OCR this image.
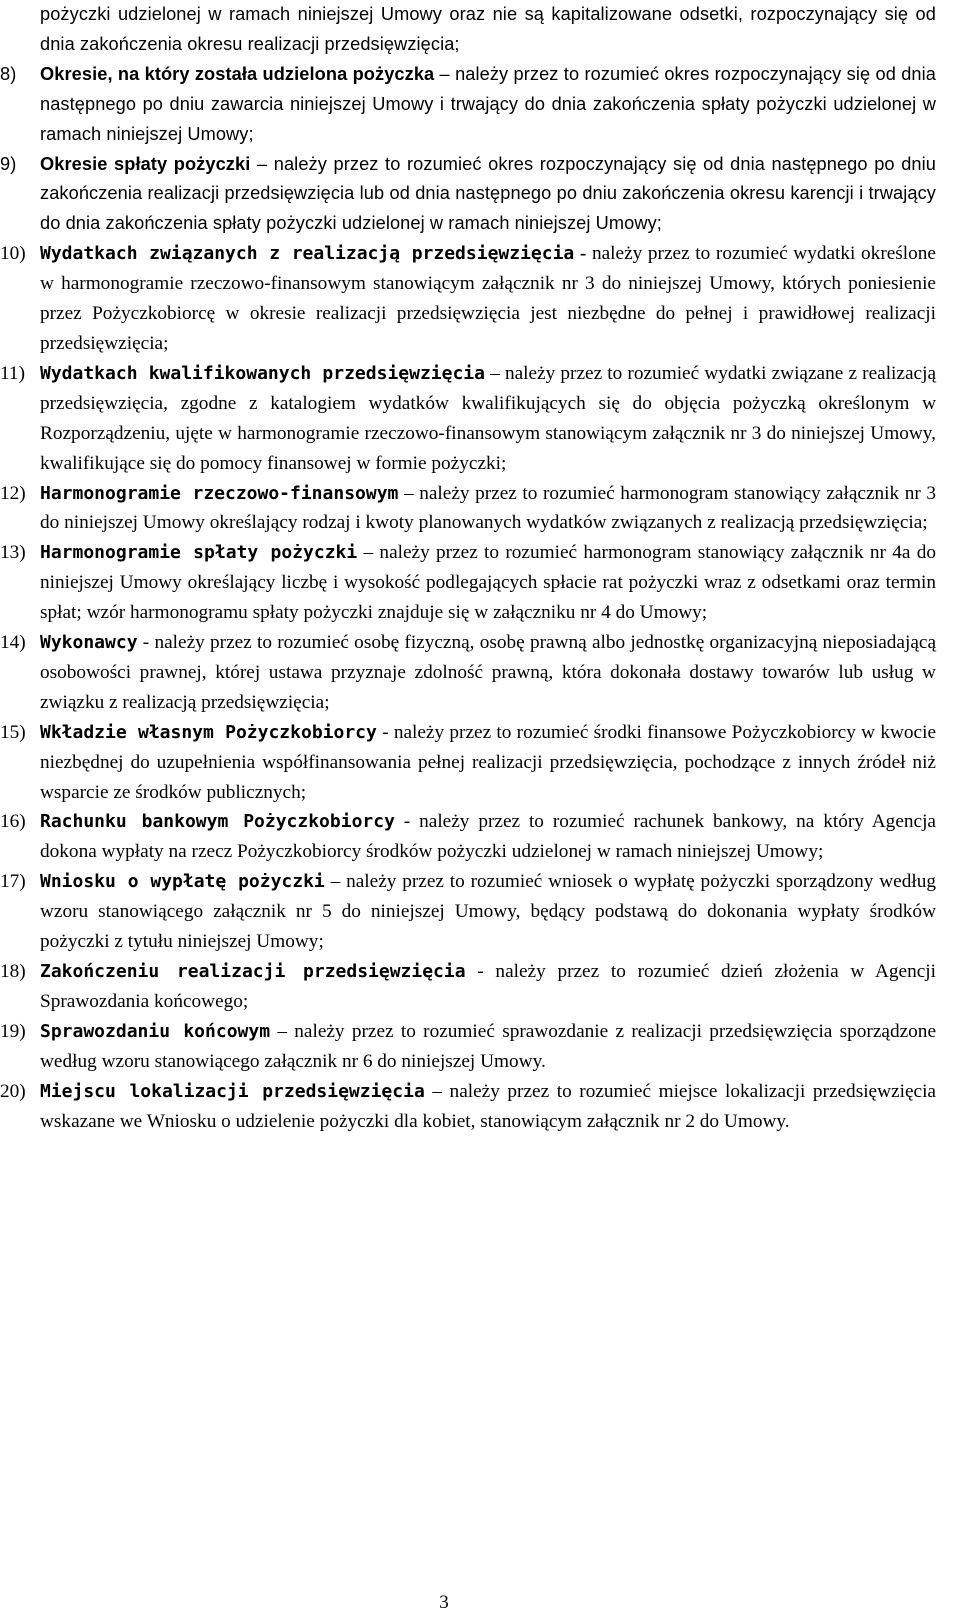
pożyczki udzielonej w ramach niniejszej Umowy oraz nie są kapitalizowane odsetki, rozpoczynający się od dnia zakończenia okresu realizacji przedsięwzięcia;

8)	Okresie, na który została udzielona pożyczka – należy przez to rozumieć okres rozpoczynający się od dnia następnego po dniu zawarcia niniejszej Umowy i trwający do dnia zakończenia spłaty pożyczki udzielonej w ramach niniejszej Umowy;
9)	Okresie spłaty pożyczki – należy przez to rozumieć okres rozpoczynający się od dnia następnego po dniu zakończenia realizacji przedsięwzięcia lub od dnia następnego po dniu zakończenia okresu karencji i trwający do dnia zakończenia spłaty pożyczki udzielonej w ramach niniejszej Umowy;
10) Wydatkach związanych z realizacją przedsięwzięcia - należy przez to rozumieć wydatki określone w harmonogramie rzeczowo-finansowym stanowiącym załącznik nr 3 do niniejszej Umowy, których poniesienie przez Pożyczkobiorcę w okresie realizacji przedsięwzięcia jest niezbędne do pełnej i prawidłowej realizacji przedsięwzięcia;
11) Wydatkach kwalifikowanych przedsięwzięcia – należy przez to rozumieć wydatki związane z realizacją przedsięwzięcia, zgodne z katalogiem wydatków kwalifikujących się do objęcia pożyczką określonym w Rozporządzeniu, ujęte w harmonogramie rzeczowo-finansowym stanowiącym załącznik nr 3 do niniejszej Umowy, kwalifikujące się do pomocy finansowej w formie pożyczki;
12) Harmonogramie rzeczowo-finansowym – należy przez to rozumieć harmonogram stanowiący załącznik nr 3 do niniejszej Umowy określający rodzaj i kwoty planowanych wydatków związanych z realizacją przedsięwzięcia;
13) Harmonogramie spłaty pożyczki – należy przez to rozumieć harmonogram stanowiący załącznik nr 4a do niniejszej Umowy określający liczbę i wysokość podlegających spłacie rat pożyczki wraz z odsetkami oraz termin spłat; wzór harmonogramu spłaty pożyczki znajduje się w załączniku nr 4 do Umowy;
14) Wykonawcy - należy przez to rozumieć osobę fizyczną, osobę prawną albo jednostkę organizacyjną nieposiadającą osobowości prawnej, której ustawa przyznaje zdolność prawną, która dokonała dostawy towarów lub usług w związku z realizacją przedsięwzięcia;
15) Wkładzie własnym Pożyczkobiorcy - należy przez to rozumieć środki finansowe Pożyczkobiorcy w kwocie niezbędnej do uzupełnienia współfinansowania pełnej realizacji przedsięwzięcia, pochodzące z innych źródeł niż wsparcie ze środków publicznych;
16) Rachunku bankowym Pożyczkobiorcy - należy przez to rozumieć rachunek bankowy, na który Agencja dokona wypłaty na rzecz Pożyczkobiorcy środków pożyczki udzielonej w ramach niniejszej Umowy;
17) Wniosku o wypłatę pożyczki – należy przez to rozumieć wniosek o wypłatę pożyczki sporządzony według wzoru stanowiącego załącznik nr 5 do niniejszej Umowy, będący podstawą do dokonania wypłaty środków pożyczki z tytułu niniejszej Umowy;
18) Zakończeniu realizacji przedsięwzięcia - należy przez to rozumieć dzień złożenia w Agencji Sprawozdania końcowego;
19) Sprawozdaniu końcowym – należy przez to rozumieć sprawozdanie z realizacji przedsięwzięcia sporządzone według wzoru stanowiącego załącznik nr 6 do niniejszej Umowy.
20) Miejscu lokalizacji przedsięwzięcia – należy przez to rozumieć miejsce lokalizacji przedsięwzięcia wskazane we Wniosku o udzielenie pożyczki dla kobiet, stanowiącym załącznik nr 2 do Umowy.
3
